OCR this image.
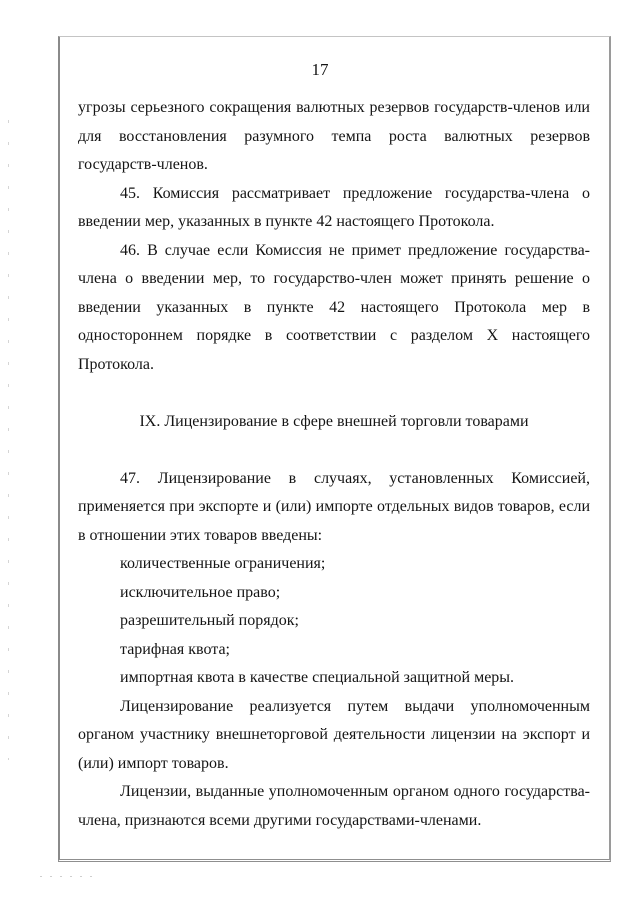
17

угрозы серьезного сокращения валютных резервов государств-членов или для восстановления разумного темпа роста валютных резервов государств-членов.

45. Комиссия рассматривает предложение государства-члена о введении мер, указанных в пункте 42 настоящего Протокола.

46. В случае если Комиссия не примет предложение государства-члена о введении мер, то государство-член может принять решение о введении указанных в пункте 42 настоящего Протокола мер в одностороннем порядке в соответствии с разделом X настоящего Протокола.

IX. Лицензирование в сфере внешней торговли товарами

47. Лицензирование в случаях, установленных Комиссией, применяется при экспорте и (или) импорте отдельных видов товаров, если в отношении этих товаров введены:

количественные ограничения;

исключительное право;

разрешительный порядок;

тарифная квота;

импортная квота в качестве специальной защитной меры.

Лицензирование реализуется путем выдачи уполномоченным органом участнику внешнеторговой деятельности лицензии на экспорт и (или) импорт товаров.

Лицензии, выданные уполномоченным органом одного государства-члена, признаются всеми другими государствами-членами.
